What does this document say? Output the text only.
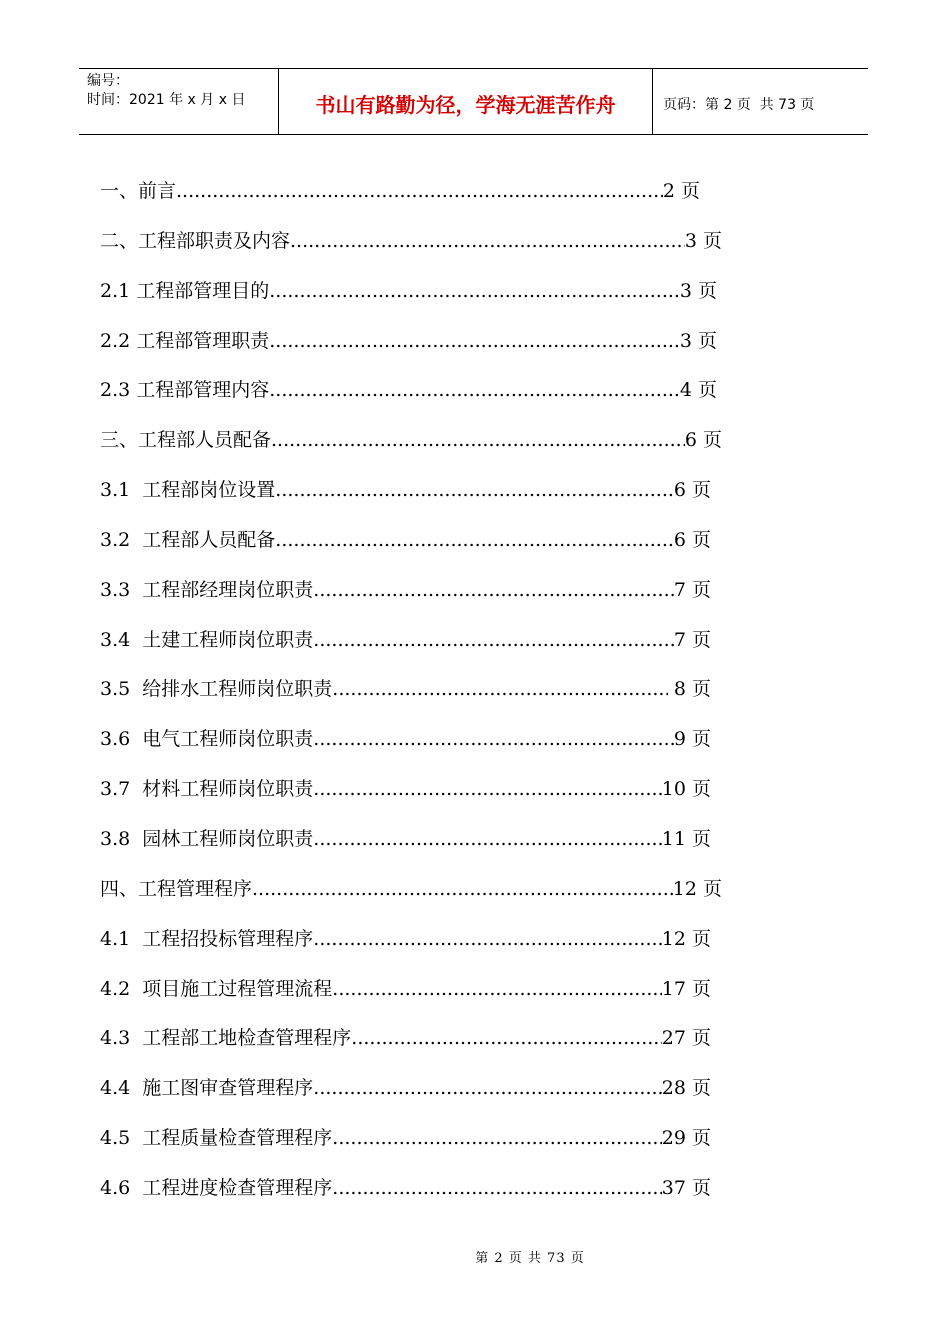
编号：
时间：2021 年 x 月 x 日	书山有路勤为径，学海无涯苦作舟	页码：第 2 页  共 73 页
一、前言 .....	2 页
二、工程部职责及内容 .....	3 页
2.1 工程部管理目的 .....	3 页
2.2 工程部管理职责 .....	3 页
2.3 工程部管理内容 .....	4 页
三、工程部人员配备 .....	6 页
3.1  工程部岗位设置 .....	6 页
3.2  工程部人员配备 .....	6 页
3.3  工程部经理岗位职责 .....	7 页
3.4  土建工程师岗位职责 .....	7 页
3.5  给排水工程师岗位职责 .....	8 页
3.6  电气工程师岗位职责 .....	9 页
3.7  材料工程师岗位职责 .....	10 页
3.8  园林工程师岗位职责 .....	11 页
四、工程管理程序 .....	12 页
4.1  工程招投标管理程序 .....	12 页
4.2  项目施工过程管理流程 .....	17 页
4.3  工程部工地检查管理程序 .....	27 页
4.4  施工图审查管理程序 .....	28 页
4.5  工程质量检查管理程序 .....	29 页
4.6  工程进度检查管理程序 .....	37 页
第 2 页 共 73 页
